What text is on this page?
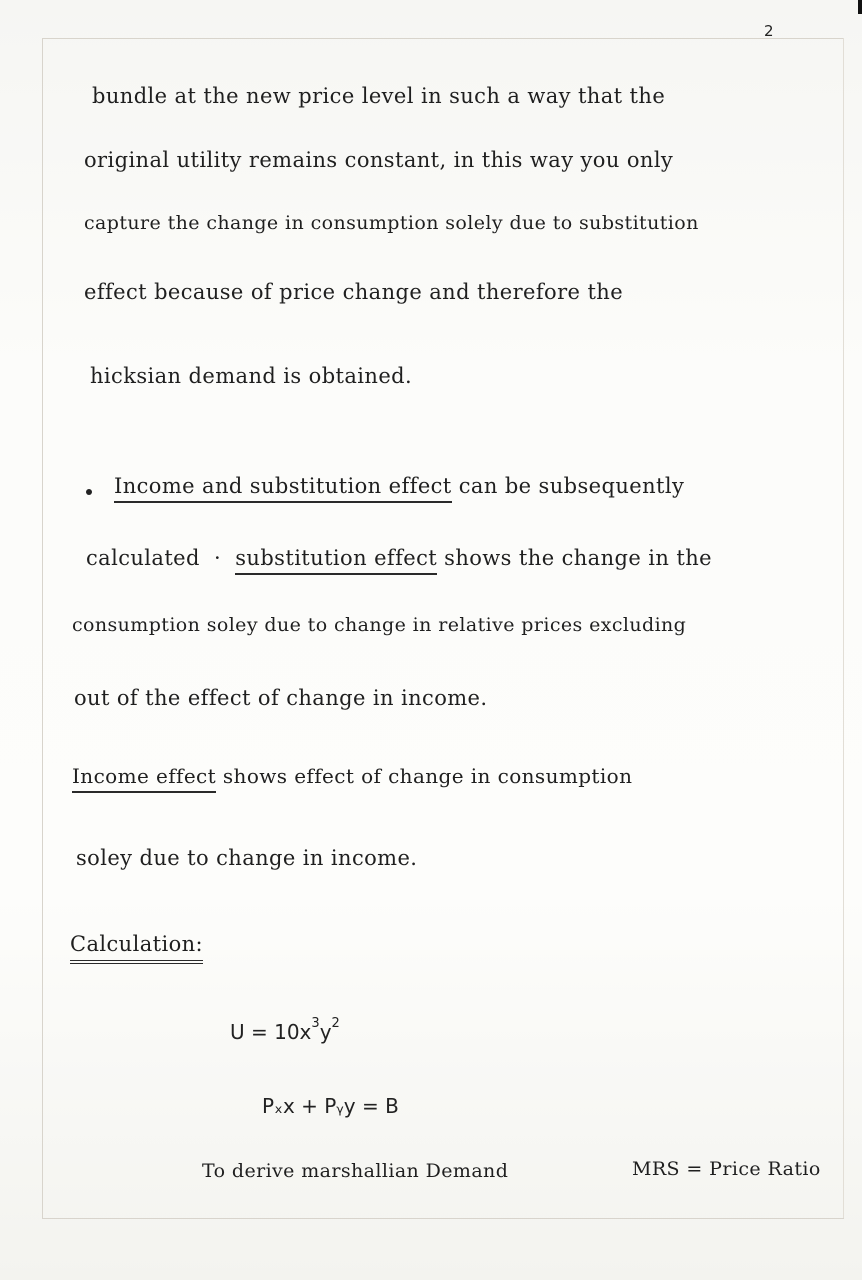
2
bundle at the new price level in such a way that the
original utility remains constant, in this way you only
capture the change in consumption solely due to substitution
effect because of price change and therefore the
hicksian demand is obtained.
Income and substitution effect can be subsequently
calculated  ·  substitution effect shows the change in the
consumption soley due to change in relative prices excluding
out of the effect of change in income.
Income effect shows effect of change in consumption
soley due to change in income.
Calculation:
$U = 10x^3y^2$
Pₓx + Pᵧy = B
To derive marshallian Demand	MRS = Price Ratio
